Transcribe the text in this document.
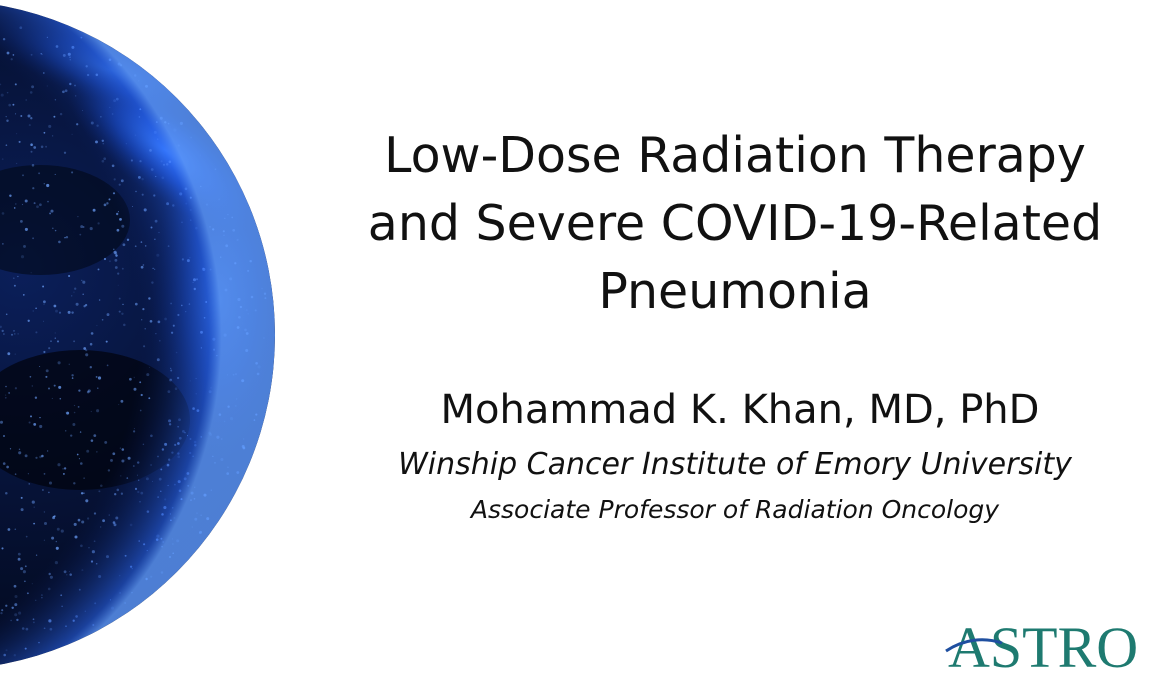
Low-Dose Radiation Therapy
and Severe COVID-19-Related
Pneumonia
Mohammad K. Khan, MD, PhD
Winship Cancer Institute of Emory University
Associate Professor of Radiation Oncology
ASTRO
